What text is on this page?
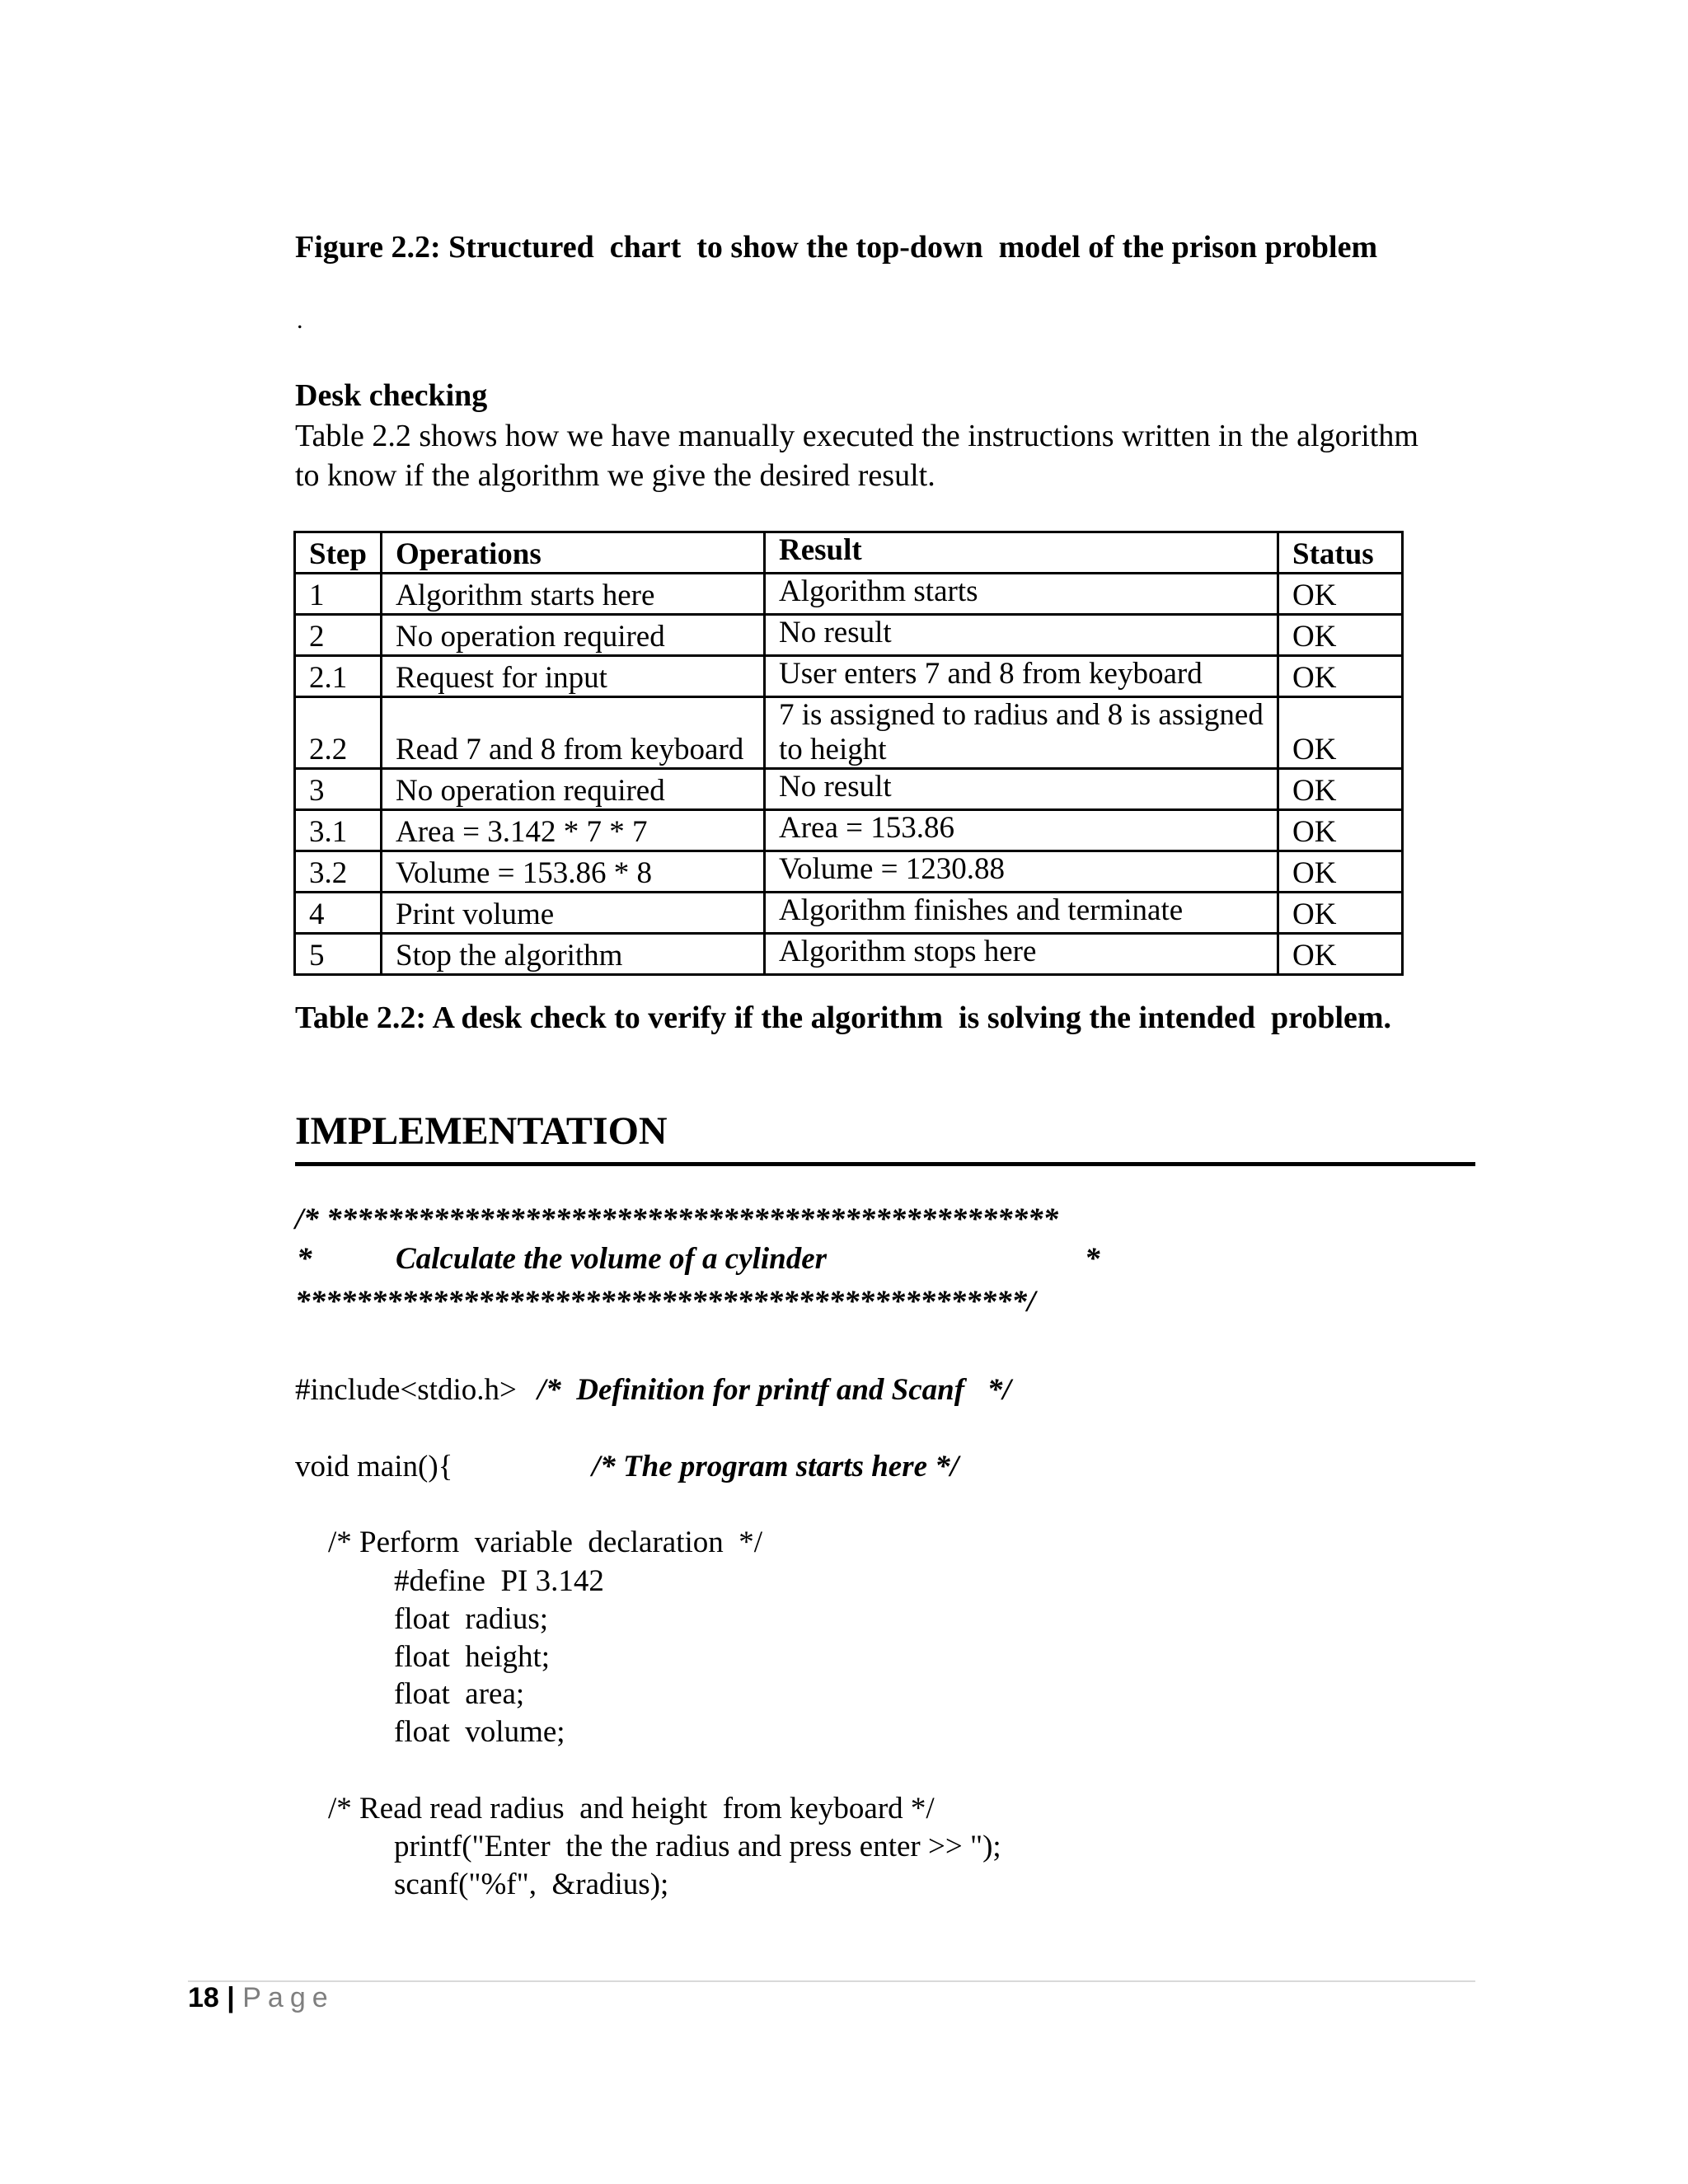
Figure 2.2: Structured  chart  to show the top-down  model of the prison problem
.
Desk checking
Table 2.2 shows how we have manually executed the instructions written in the algorithm
to know if the algorithm we give the desired result.
Step	Operations	Result	Status
1	Algorithm starts here	Algorithm starts	OK
2	No operation required	No result	OK
2.1	Request for input	User enters 7 and 8 from keyboard	OK
2.2	Read 7 and 8 from keyboard	7 is assigned to radius and 8 is assigned to height	OK
3	No operation required	No result	OK
3.1	Area = 3.142 * 7 * 7	Area = 153.86	OK
3.2	Volume = 153.86 * 8	Volume = 1230.88	OK
4	Print volume	Algorithm finishes and terminate	OK
5	Stop the algorithm	Algorithm stops here	OK
Table 2.2: A desk check to verify if the algorithm  is solving the intended  problem.
IMPLEMENTATION
/* ************************************************
*	Calculate the volume of a cylinder	*
************************************************/
#include<stdio.h> /*  Definition for printf and Scanf   */
void main(){	/* The program starts here */
/* Perform  variable  declaration  */
#define  PI 3.142
float  radius;
float  height;
float  area;
float  volume;
/* Read read radius  and height  from keyboard */
printf("Enter  the the radius and press enter >> ");
scanf("%f",  &radius);
18 | Page
